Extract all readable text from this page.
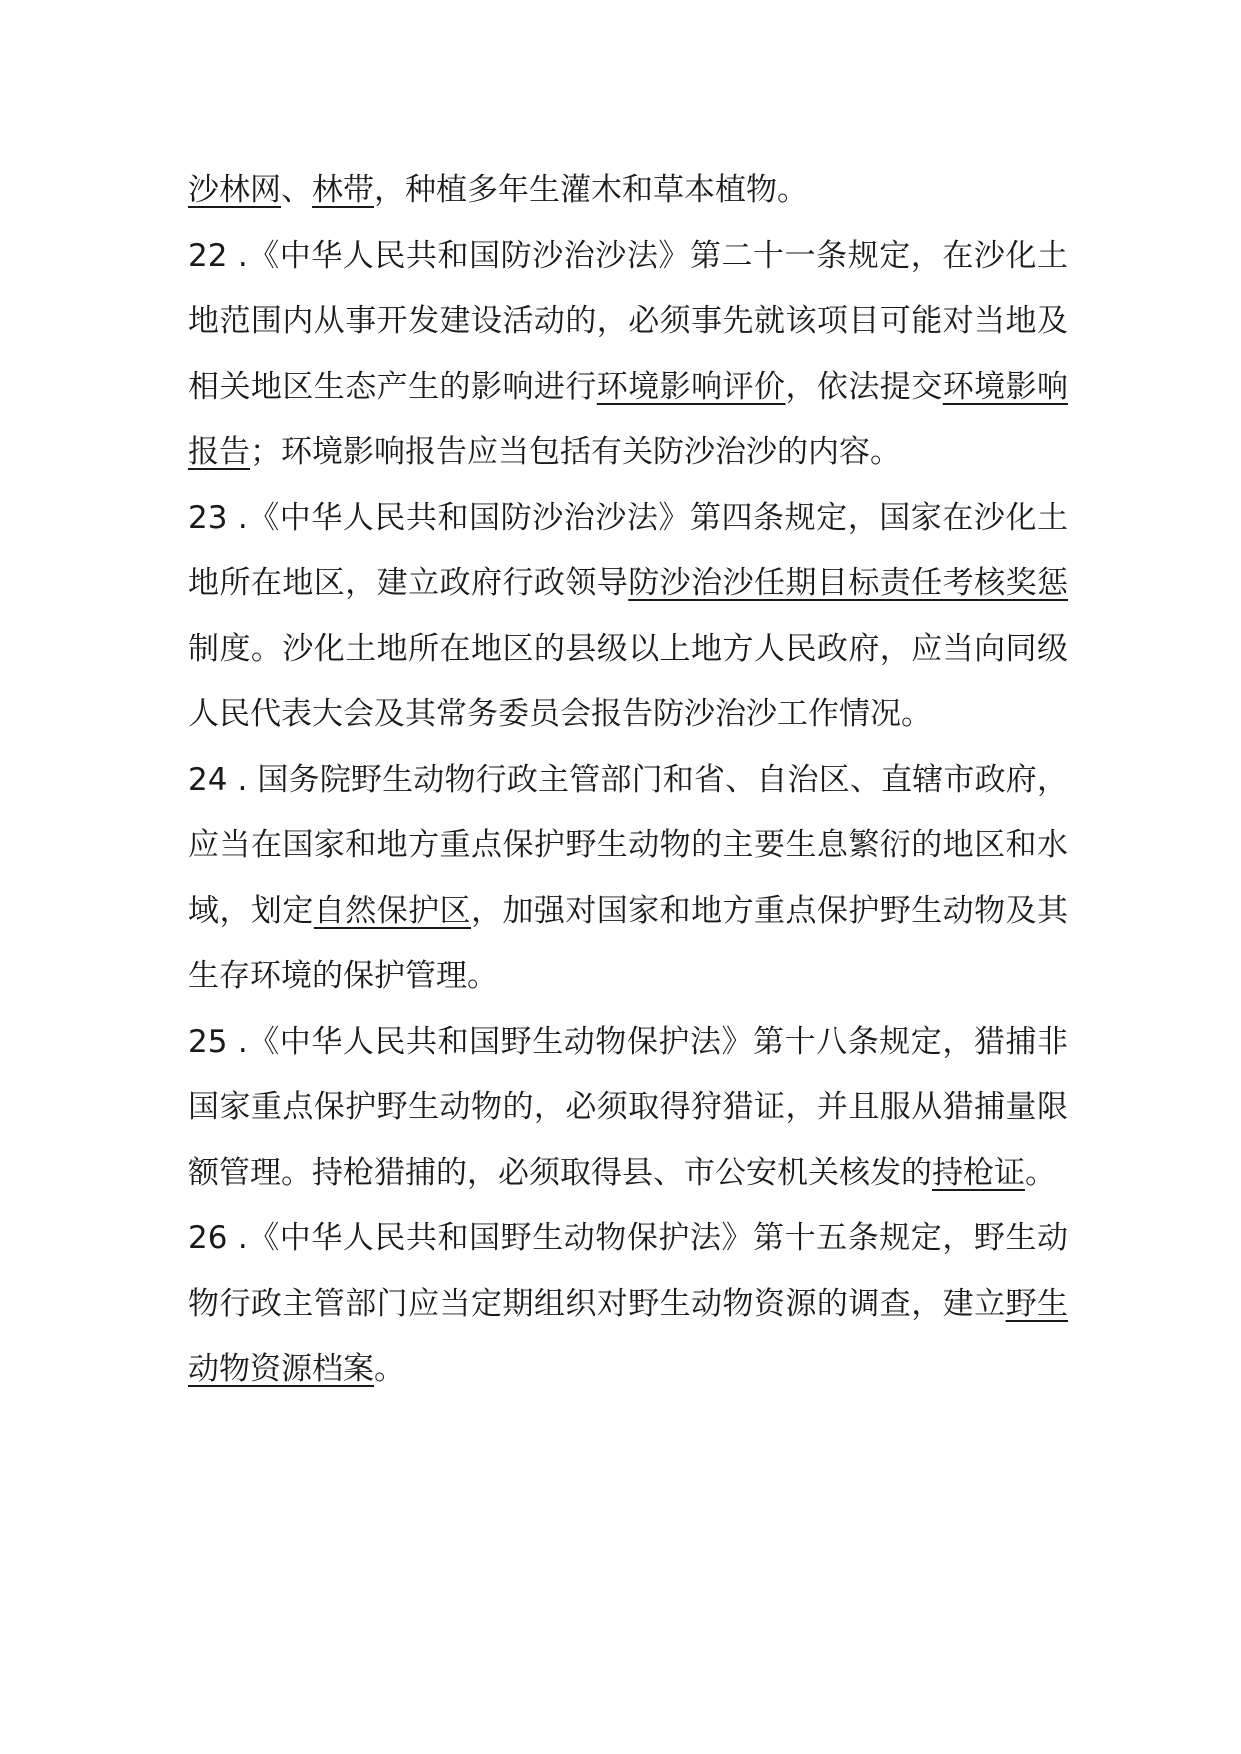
沙林网、林带，种植多年生灌木和草本植物。

22 .《中华人民共和国防沙治沙法》第二十一条规定，在沙化土地范围内从事开发建设活动的，必须事先就该项目可能对当地及相关地区生态产生的影响进行环境影响评价，依法提交环境影响报告；环境影响报告应当包括有关防沙治沙的内容。

23 .《中华人民共和国防沙治沙法》第四条规定，国家在沙化土地所在地区，建立政府行政领导防沙治沙任期目标责任考核奖惩制度。沙化土地所在地区的县级以上地方人民政府，应当向同级人民代表大会及其常务委员会报告防沙治沙工作情况。

24 . 国务院野生动物行政主管部门和省、自治区、直辖市政府，应当在国家和地方重点保护野生动物的主要生息繁衍的地区和水域，划定自然保护区，加强对国家和地方重点保护野生动物及其生存环境的保护管理。

25 .《中华人民共和国野生动物保护法》第十八条规定，猎捕非国家重点保护野生动物的，必须取得狩猎证，并且服从猎捕量限额管理。持枪猎捕的，必须取得县、市公安机关核发的持枪证。

26 .《中华人民共和国野生动物保护法》第十五条规定，野生动物行政主管部门应当定期组织对野生动物资源的调查，建立野生动物资源档案。
